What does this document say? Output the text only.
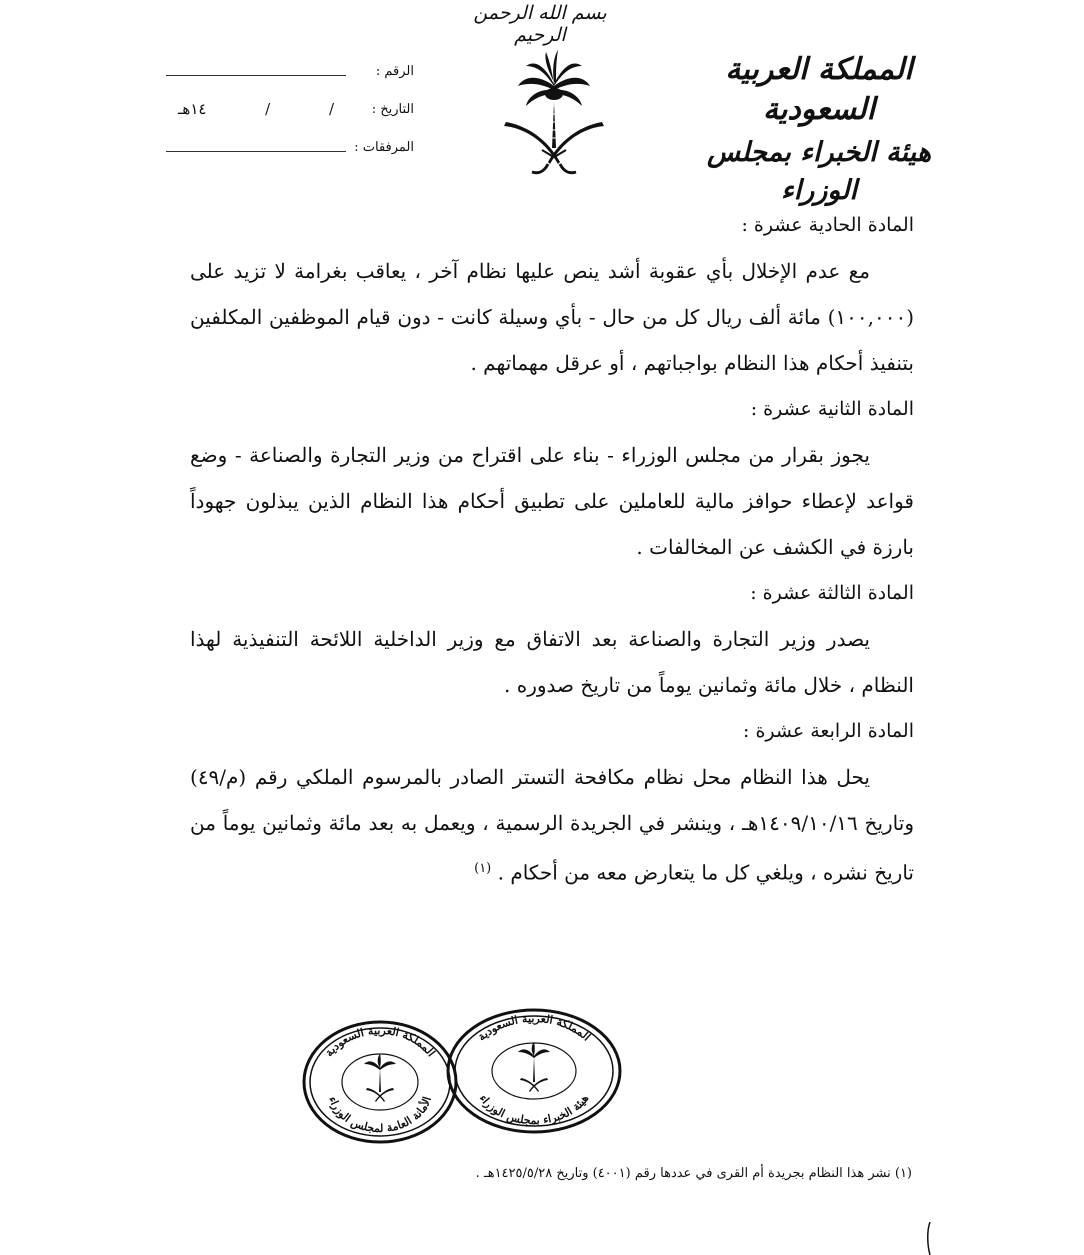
بسم الله الرحمن الرحيم
المملكة العربية السعودية
هيئة الخبراء بمجلس الوزراء
الرقم :
التاريخ :
/
/
١٤هـ
المرفقات :

المادة الحادية عشرة :

مع عدم الإخلال بأي عقوبة أشد ينص عليها نظام آخر ، يعاقب بغرامة لا تزيد على (١٠٠,٠٠٠) مائة ألف ريال كل من حال - بأي وسيلة كانت - دون قيام الموظفين المكلفين بتنفيذ أحكام هذا النظام بواجباتهم ، أو عرقل مهماتهم .

المادة الثانية عشرة :

يجوز بقرار من مجلس الوزراء - بناء على اقتراح من وزير التجارة والصناعة - وضع قواعد لإعطاء حوافز مالية للعاملين على تطبيق أحكام هذا النظام الذين يبذلون جهوداً بارزة في الكشف عن المخالفات .

المادة الثالثة عشرة :

يصدر وزير التجارة والصناعة بعد الاتفاق مع وزير الداخلية اللائحة التنفيذية لهذا النظام ، خلال مائة وثمانين يوماً من تاريخ صدوره .

المادة الرابعة عشرة :

يحل هذا النظام محل نظام مكافحة التستر الصادر بالمرسوم الملكي رقم (م/٤٩) وتاريخ ١٤٠٩/١٠/١٦هـ ، وينشر في الجريدة الرسمية ، ويعمل به بعد مائة وثمانين يوماً من تاريخ نشره ، ويلغي كل ما يتعارض معه من أحكام . $^{(١)}$

المملكة العربية السعودية
الأمانة العامة لمجلس الوزراء
المملكة العربية السعودية
هيئة الخبراء بمجلس الوزراء
(١) نشر هذا النظام بجريدة أم القرى في عددها رقم (٤٠٠١) وتاريخ ١٤٢٥/٥/٢٨هـ .
